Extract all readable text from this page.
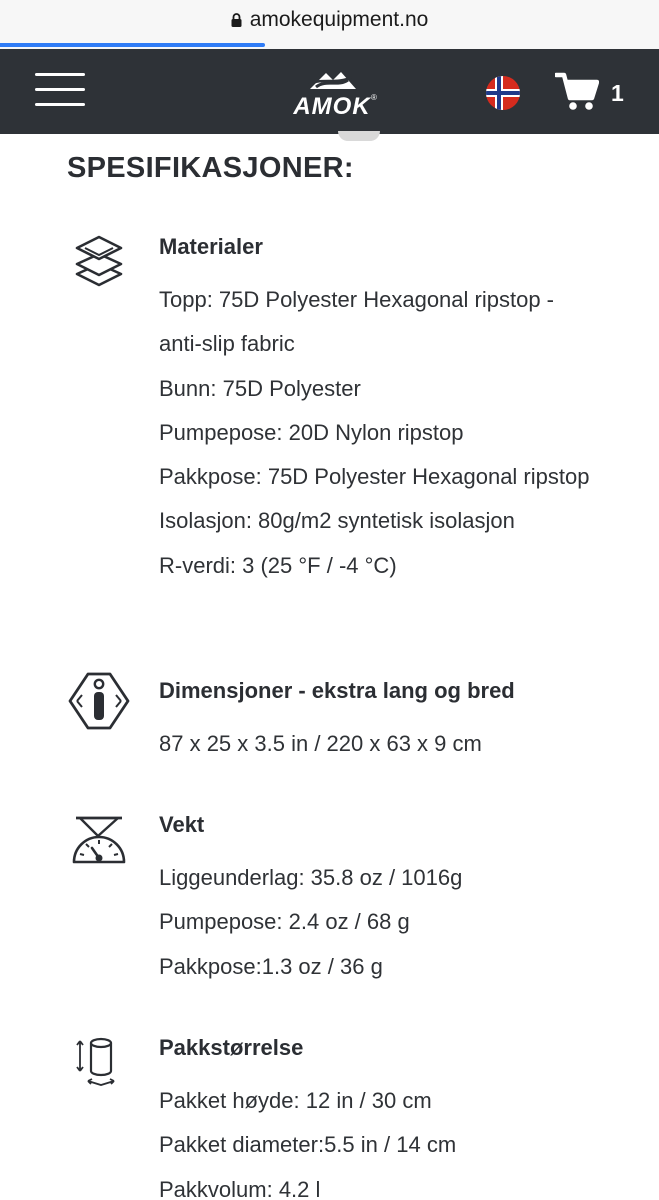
amokequipment.no
AMOK ®	1
SPESIFIKASJONER:
Materialer
Topp: 75D Polyester Hexagonal ripstop - anti-slip fabric
Bunn: 75D Polyester
Pumpepose: 20D Nylon ripstop
Pakkpose: 75D Polyester Hexagonal ripstop
Isolasjon: 80g/m2 syntetisk isolasjon
R-verdi: 3 (25 °F / -4 °C)
Dimensjoner - ekstra lang og bred
87 x 25 x 3.5 in / 220 x 63 x 9 cm
Vekt
Liggeunderlag: 35.8 oz / 1016g
Pumpepose: 2.4 oz / 68 g
Pakkpose:1.3 oz / 36 g
Pakkstørrelse
Pakket høyde: 12 in / 30 cm
Pakket diameter:5.5 in / 14 cm
Pakkvolum: 4.2 l
